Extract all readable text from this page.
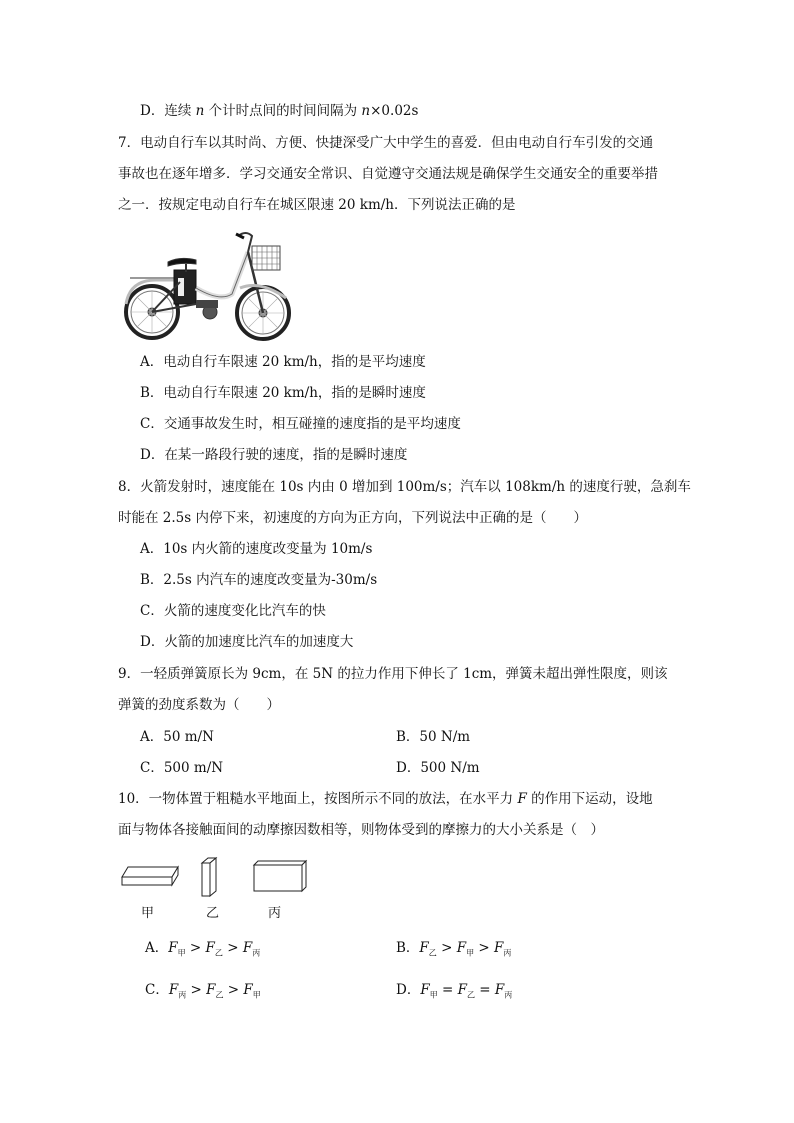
D．连续 n 个计时点间的时间间隔为 n×0.02s
7．电动自行车以其时尚、方便、快捷深受广大中学生的喜爱．但由电动自行车引发的交通
事故也在逐年增多．学习交通安全常识、自觉遵守交通法规是确保学生交通安全的重要举措
之一．按规定电动自行车在城区限速 20 km/h．下列说法正确的是
A．电动自行车限速 20 km/h，指的是平均速度
B．电动自行车限速 20 km/h，指的是瞬时速度
C．交通事故发生时，相互碰撞的速度指的是平均速度
D．在某一路段行驶的速度，指的是瞬时速度
8．火箭发射时，速度能在 10s 内由 0 增加到 100m/s；汽车以 108km/h 的速度行驶，急刹车
时能在 2.5s 内停下来，初速度的方向为正方向，下列说法中正确的是（　　）
A．10s 内火箭的速度改变量为 10m/s
B．2.5s 内汽车的速度改变量为-30m/s
C．火箭的速度变化比汽车的快
D．火箭的加速度比汽车的加速度大
9．一轻质弹簧原长为 9cm，在 5N 的拉力作用下伸长了 1cm，弹簧未超出弹性限度，则该
弹簧的劲度系数为（　　）
A．50 m/N	B．50 N/m
C．500 m/N	D．500 N/m
10．一物体置于粗糙水平地面上，按图所示不同的放法，在水平力 F 的作用下运动，设地
面与物体各接触面间的动摩擦因数相等，则物体受到的摩擦力的大小关系是（　）
甲	乙	丙
A．$F_甲 > F_乙 > F_丙$	B．$F_乙 > F_甲 > F_丙$
C．$F_丙 > F_乙 > F_甲$	D．$F_甲 = F_乙 = F_丙$
